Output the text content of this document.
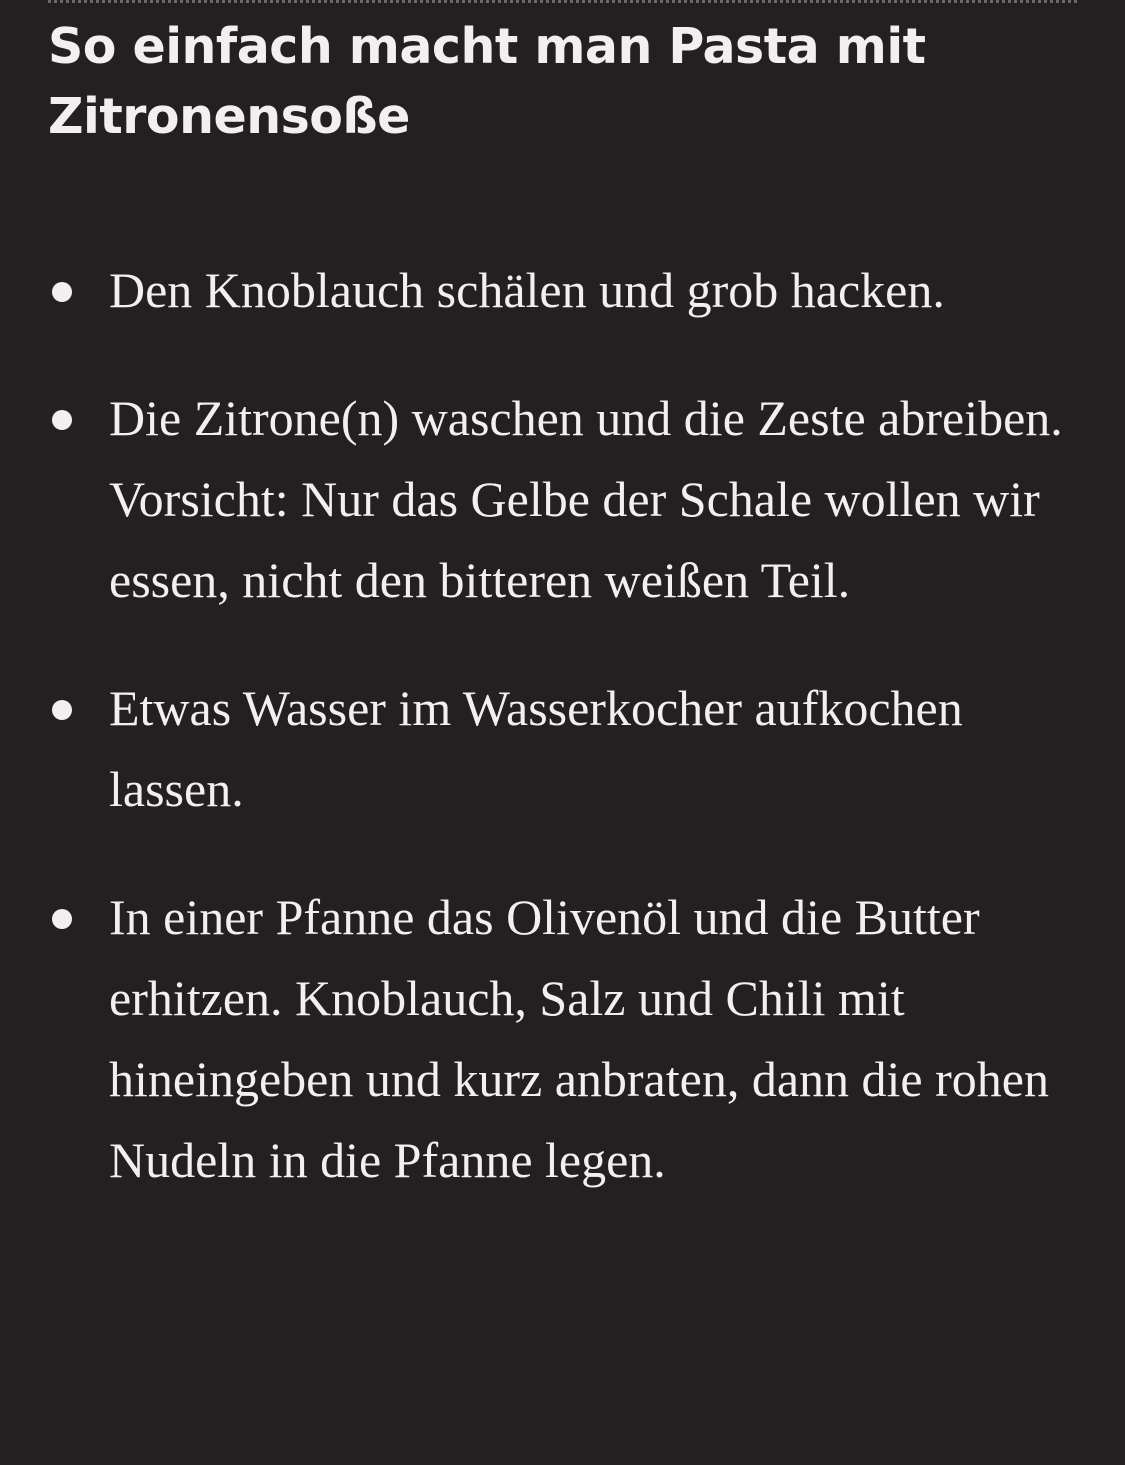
So einfach macht man Pasta mit Zitronensoße
Den Knoblauch schälen und grob hacken.
Die Zitrone(n) waschen und die Zeste abreiben. Vorsicht: Nur das Gelbe der Schale wollen wir essen, nicht den bitteren weißen Teil.
Etwas Wasser im Wasserkocher aufkochen lassen.
In einer Pfanne das Olivenöl und die Butter erhitzen. Knoblauch, Salz und Chili mit hineingeben und kurz anbraten, dann die rohen Nudeln in die Pfanne legen.
